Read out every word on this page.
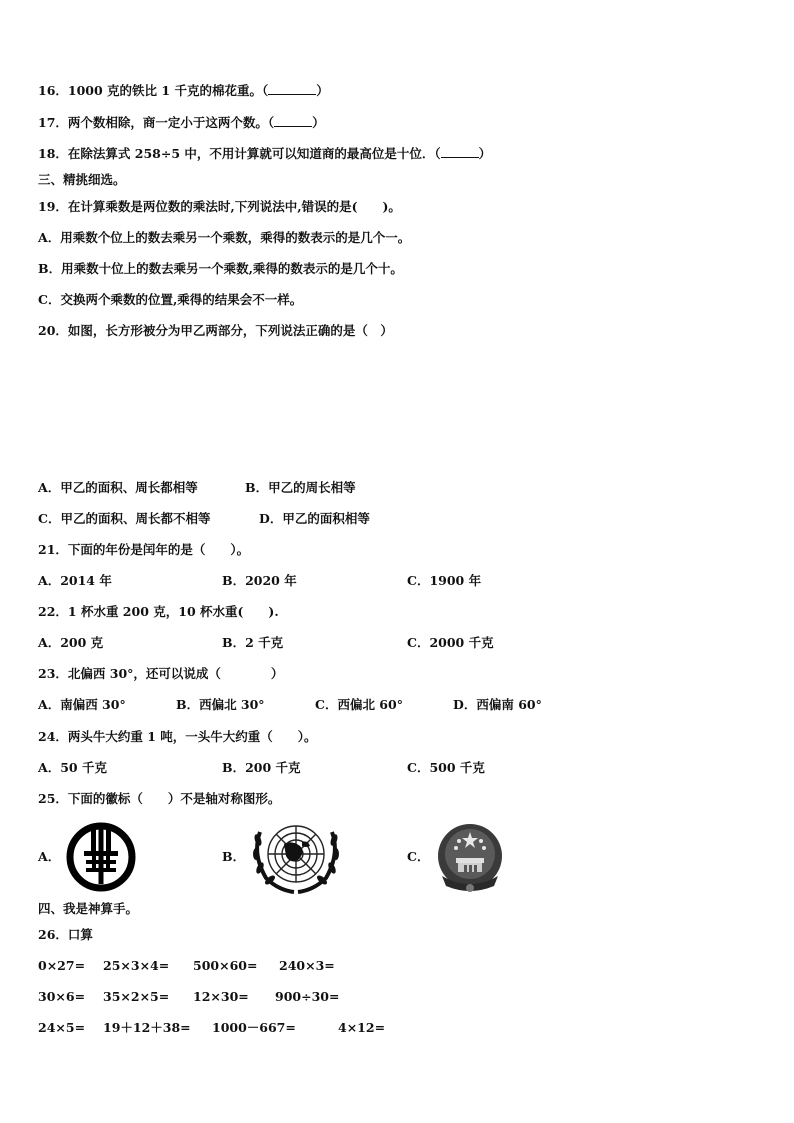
16．1000 克的铁比 1 千克的棉花重。（	）
17．两个数相除，商一定小于这两个数。（	）
18．在除法算式 258÷5 中，不用计算就可以知道商的最高位是十位．（	）
三、精挑细选。
19．在计算乘数是两位数的乘法时,下列说法中,错误的是(　　)。
A．用乘数个位上的数去乘另一个乘数，乘得的数表示的是几个一。
B．用乘数十位上的数去乘另一个乘数,乘得的数表示的是几个十。
C．交换两个乘数的位置,乘得的结果会不一样。
20．如图，长方形被分为甲乙两部分，下列说法正确的是（　）
A．甲乙的面积、周长都相等	B．甲乙的周长相等
C．甲乙的面积、周长都不相等	D．甲乙的面积相等
21．下面的年份是闰年的是（　　）。
A．2014 年	B．2020 年	C．1900 年
22．1 杯水重 200 克，10 杯水重(　　).
A．200 克	B．2 千克	C．2000 千克
23．北偏西 30°，还可以说成（　　　　）
A．南偏西 30°	B．西偏北 30°	C．西偏北 60°	D．西偏南 60°
24．两头牛大约重 1 吨，一头牛大约重（　　）。
A．50 千克	B．200 千克	C．500 千克
25．下面的徽标（　　）不是轴对称图形。
A．	B．	C．
四、我是神算手。
26．口算
0×27= 25×3×4= 500×60= 240×3=
30×6= 35×2×5= 12×30= 900÷30=
24×5= 19＋12＋38= 1000－667=	4×12=
